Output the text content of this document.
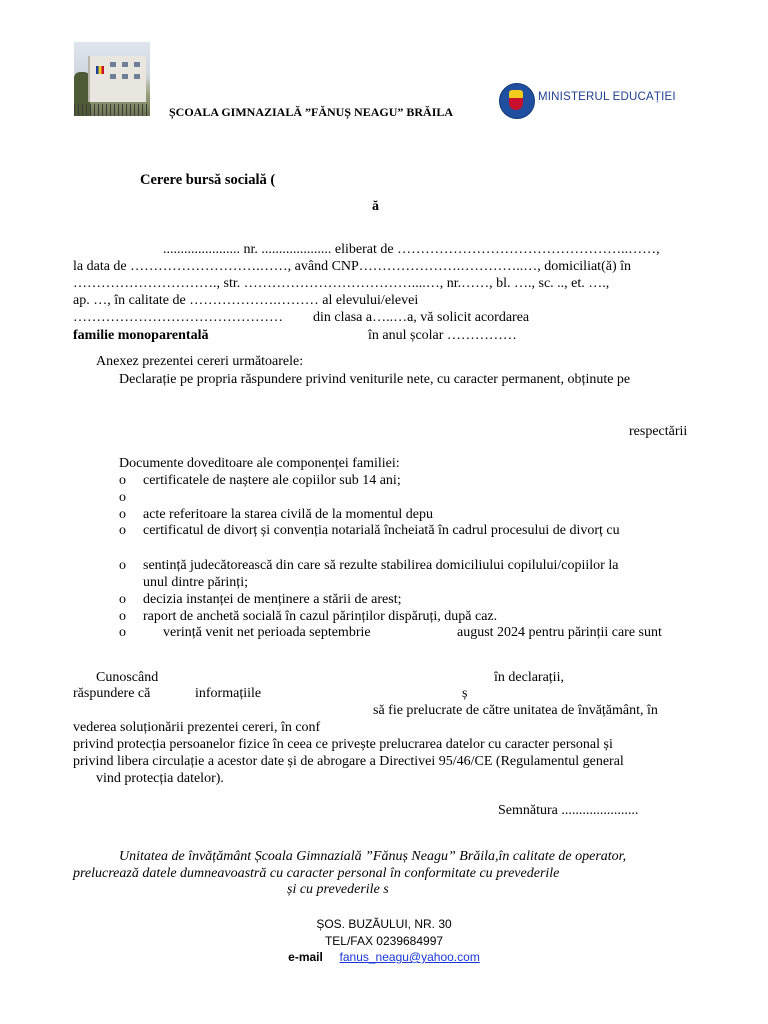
ȘCOALA GIMNAZIALĂ ”FĂNUȘ NEAGU” BRĂILA
MINISTERUL EDUCAȚIEI
Cerere bursă socială (
ă
...................... nr. .................... eliberat de …………………………………………..……,
la data de ……………………….……, având CNP………………….…………..…, domiciliat(ă) în
…………………………., str. ………………………………....…, nr.……, bl. …., sc. .., et. ….,
ap. …, în calitate de ……………….……… al elevului/elevei
……………………………………… din clasa a…..…a, vă solicit acordarea
familie monoparentală	în anul școlar ……………
Anexez prezentei cereri următoarele:
Declarație pe propria răspundere privind veniturile nete, cu caracter permanent, obținute pe
respectării
Documente doveditoare ale componenței familiei:
o certificatele de naștere ale copiilor sub 14 ani;
o
o acte referitoare la starea civilă de la momentul depu
o certificatul de divorț și convenția notarială încheiată în cadrul procesului de divorț cu
o sentință judecătorească din care să rezulte stabilirea domiciliului copilului/copiilor la
unul dintre părinți;
o decizia instanței de menținere a stării de arest;
o raport de anchetă socială în cazul părinților dispăruți, după caz.
o	verință venit net perioada septembrie	august 2024 pentru părinții care sunt
Cunoscând	în declarații,
răspundere că	informațiile	ș
să fie prelucrate de către unitatea de învățământ, în
vederea soluționării prezentei cereri, în conf
privind protecția persoanelor fizice în ceea ce privește prelucrarea datelor cu caracter personal și
privind libera circulație a acestor date și de abrogare a Directivei 95/46/CE (Regulamentul general
vind protecția datelor).
Semnătura ......................
Unitatea de învățământ Școala Gimnazială ”Fănuș Neagu” Brăila,în calitate de operator,
prelucrează datele dumneavoastră cu caracter personal în conformitate cu prevederile
și cu prevederile s
ȘOS. BUZĂULUI, NR. 30
TEL/FAX 0239684997
e-mail fanus_neagu@yahoo.com
